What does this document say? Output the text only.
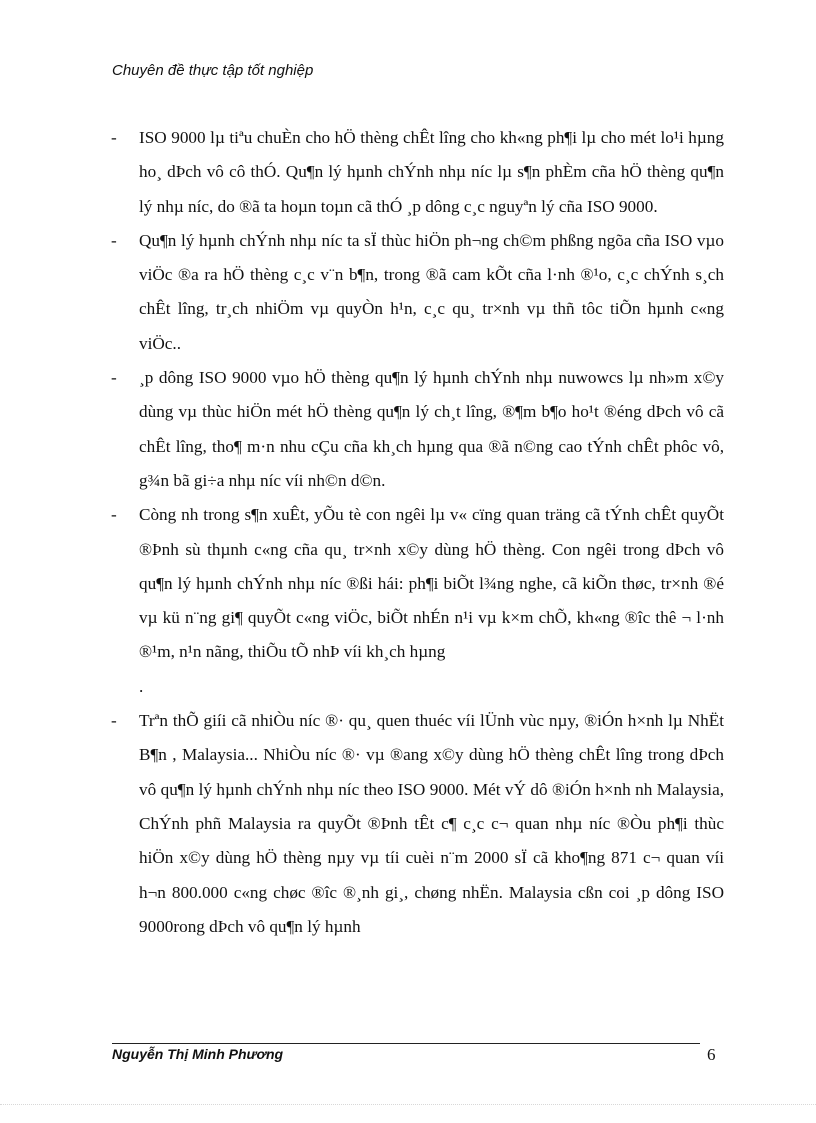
Chuyên đề thực tập tốt nghiệp
-	ISO 9000 lµ tiªu chuÈn cho hÖ thèng chÊt lîng cho kh«ng ph¶i lµ cho mét lo¹i hµng ho¸ dÞch vô cô thÓ. Qu¶n lý hµnh chÝnh nhµ níc lµ s¶n phÈm cña hÖ thèng qu¶n lý nhµ níc, do ®ã ta hoµn toµn cã thÓ ¸p dông c¸c nguyªn lý cña ISO 9000.
-	Qu¶n lý hµnh chÝnh nhµ níc ta sÏ thùc hiÖn ph¬ng ch©m phßng ngõa cña ISO vµo viÖc ®a ra hÖ thèng c¸c v¨n b¶n, trong ®ã cam kÕt cña l·nh ®¹o, c¸c chÝnh s¸ch chÊt lîng, tr¸ch nhiÖm vµ quyÒn h¹n, c¸c qu¸ tr×nh vµ thñ tôc tiÕn hµnh c«ng viÖc..
-	¸p dông ISO 9000 vµo hÖ thèng qu¶n lý hµnh chÝnh nhµ nuwowcs lµ nh»m x©y dùng vµ thùc hiÖn mét hÖ thèng qu¶n lý ch¸t lîng, ®¶m b¶o ho¹t ®éng dÞch vô cã chÊt lîng, tho¶ m·n nhu cÇu cña kh¸ch hµng qua ®ã n©ng cao tÝnh chÊt phôc vô, g¾n bã gi÷a nhµ níc víi nh©n d©n.
-	Còng nh trong s¶n xuÊt, yÕu tè con ngêi lµ v« cïng quan träng cã tÝnh chÊt quyÕt ®Þnh sù thµnh c«ng cña qu¸ tr×nh x©y dùng hÖ thèng. Con ngêi trong dÞch vô qu¶n lý hµnh chÝnh nhµ níc ®ßi hái: ph¶i biÕt l¾ng nghe, cã kiÕn thøc, tr×nh ®é vµ kü n¨ng gi¶ quyÕt c«ng viÖc, biÕt nhÉn n¹i vµ k×m chÕ, kh«ng ®îc thê ¬ l·nh ®¹m, n¹n nãng, thiÕu tÕ nhÞ víi kh¸ch hµng
.
-	Trªn thÕ giíi cã nhiÒu níc ®· qu¸ quen thuéc víi lÜnh vùc nµy, ®iÓn h×nh lµ NhËt B¶n , Malaysia... NhiÒu níc ®· vµ ®ang x©y dùng hÖ thèng chÊt lîng trong dÞch vô qu¶n lý hµnh chÝnh nhµ níc theo ISO 9000. Mét vÝ dô ®iÓn h×nh nh Malaysia, ChÝnh phñ Malaysia ra quyÕt ®Þnh tÊt c¶ c¸c c¬ quan nhµ níc ®Òu ph¶i thùc hiÖn x©y dùng hÖ thèng nµy vµ tíi cuèi n¨m 2000 sÏ cã kho¶ng 871 c¬ quan víi h¬n 800.000 c«ng chøc ®îc ®¸nh gi¸, chøng nhËn. Malaysia cßn coi ¸p dông ISO 9000rong dÞch vô qu¶n lý hµnh
Nguyễn Thị Minh Phương	6
